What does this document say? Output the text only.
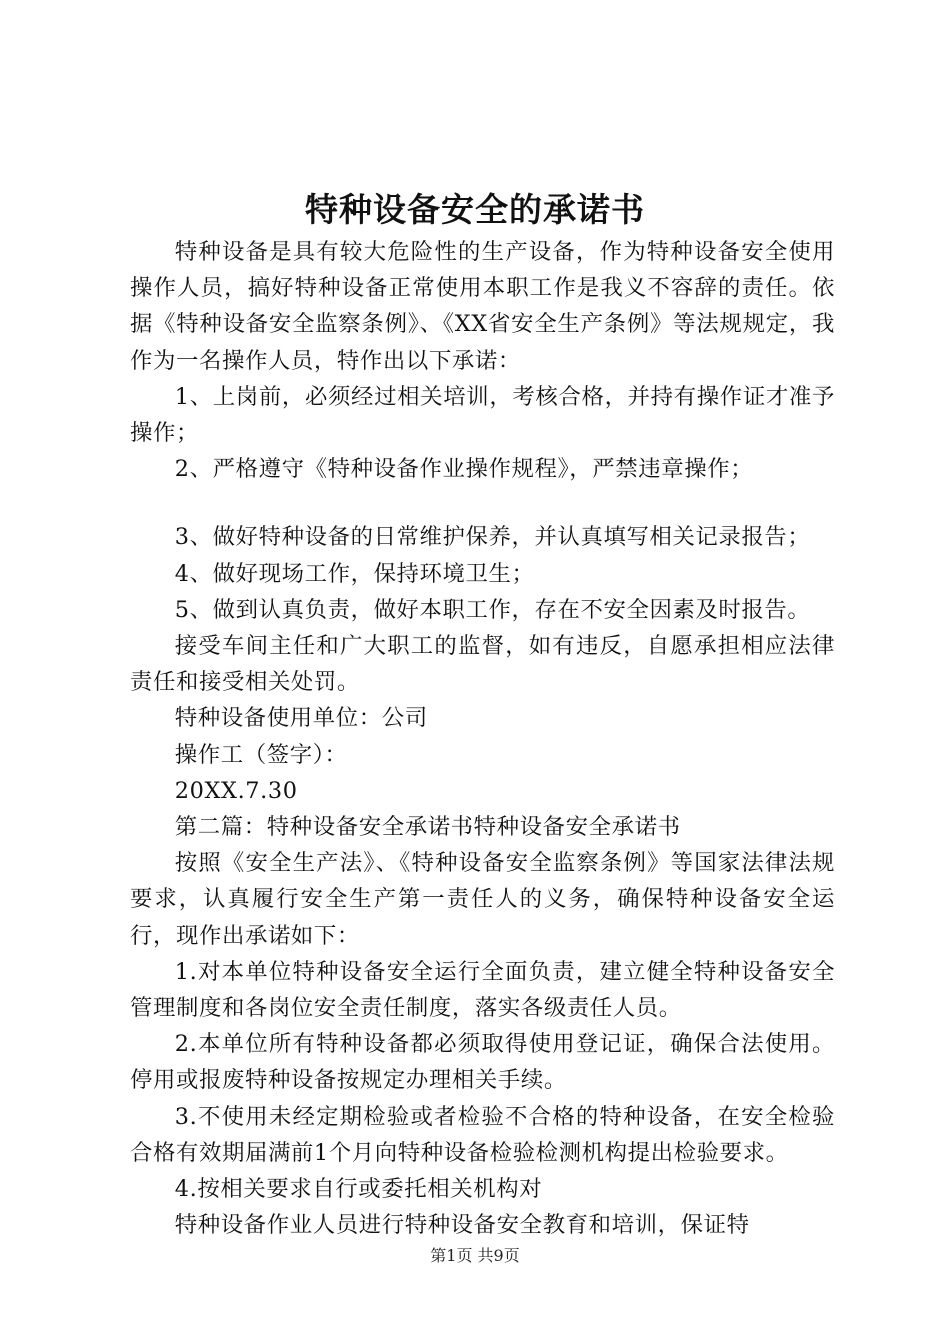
特种设备安全的承诺书

特种设备是具有较大危险性的生产设备，作为特种设备安全使用操作人员，搞好特种设备正常使用本职工作是我义不容辞的责任。依据《特种设备安全监察条例》、《XX省安全生产条例》等法规规定，我作为一名操作人员，特作出以下承诺：

1、上岗前，必须经过相关培训，考核合格，并持有操作证才准予操作；

2、严格遵守《特种设备作业操作规程》，严禁违章操作；

3、做好特种设备的日常维护保养，并认真填写相关记录报告；

4、做好现场工作，保持环境卫生；

5、做到认真负责，做好本职工作，存在不安全因素及时报告。

接受车间主任和广大职工的监督，如有违反，自愿承担相应法律责任和接受相关处罚。

特种设备使用单位：公司

操作工（签字）：

20XX.7.30

第二篇：特种设备安全承诺书特种设备安全承诺书

按照《安全生产法》、《特种设备安全监察条例》等国家法律法规要求，认真履行安全生产第一责任人的义务，确保特种设备安全运行，现作出承诺如下：

1.对本单位特种设备安全运行全面负责，建立健全特种设备安全管理制度和各岗位安全责任制度，落实各级责任人员。

2.本单位所有特种设备都必须取得使用登记证，确保合法使用。停用或报废特种设备按规定办理相关手续。

3.不使用未经定期检验或者检验不合格的特种设备，在安全检验合格有效期届满前1个月向特种设备检验检测机构提出检验要求。

4.按相关要求自行或委托相关机构对

特种设备作业人员进行特种设备安全教育和培训，保证特

第1页 共9页
